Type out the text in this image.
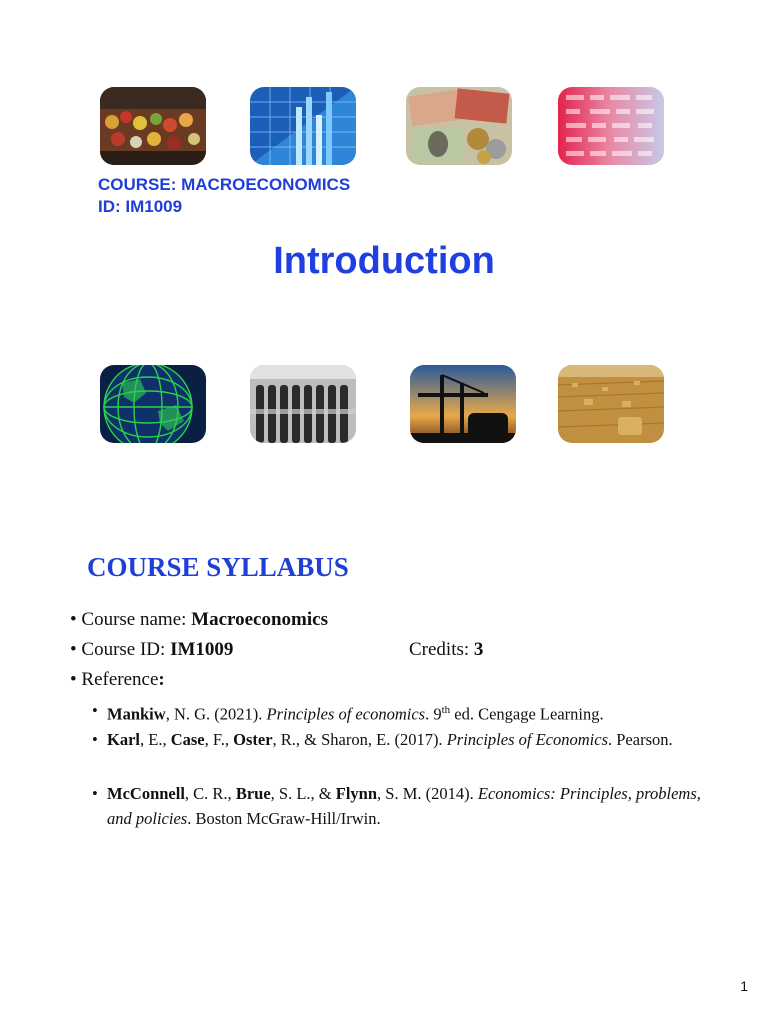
COURSE: MACROECONOMICS
ID: IM1009
Introduction
COURSE SYLLABUS
• Course name: Macroeconomics
• Course ID: IM1009	Credits: 3
• Reference:
• Mankiw, N. G. (2021). Principles of economics. 9th ed. Cengage Learning.
• Karl, E., Case, F., Oster, R., & Sharon, E. (2017). Principles of Economics. Pearson.
• McConnell, C. R., Brue, S. L., & Flynn, S. M. (2014). Economics: Principles, problems, and policies. Boston McGraw-Hill/Irwin.
1
